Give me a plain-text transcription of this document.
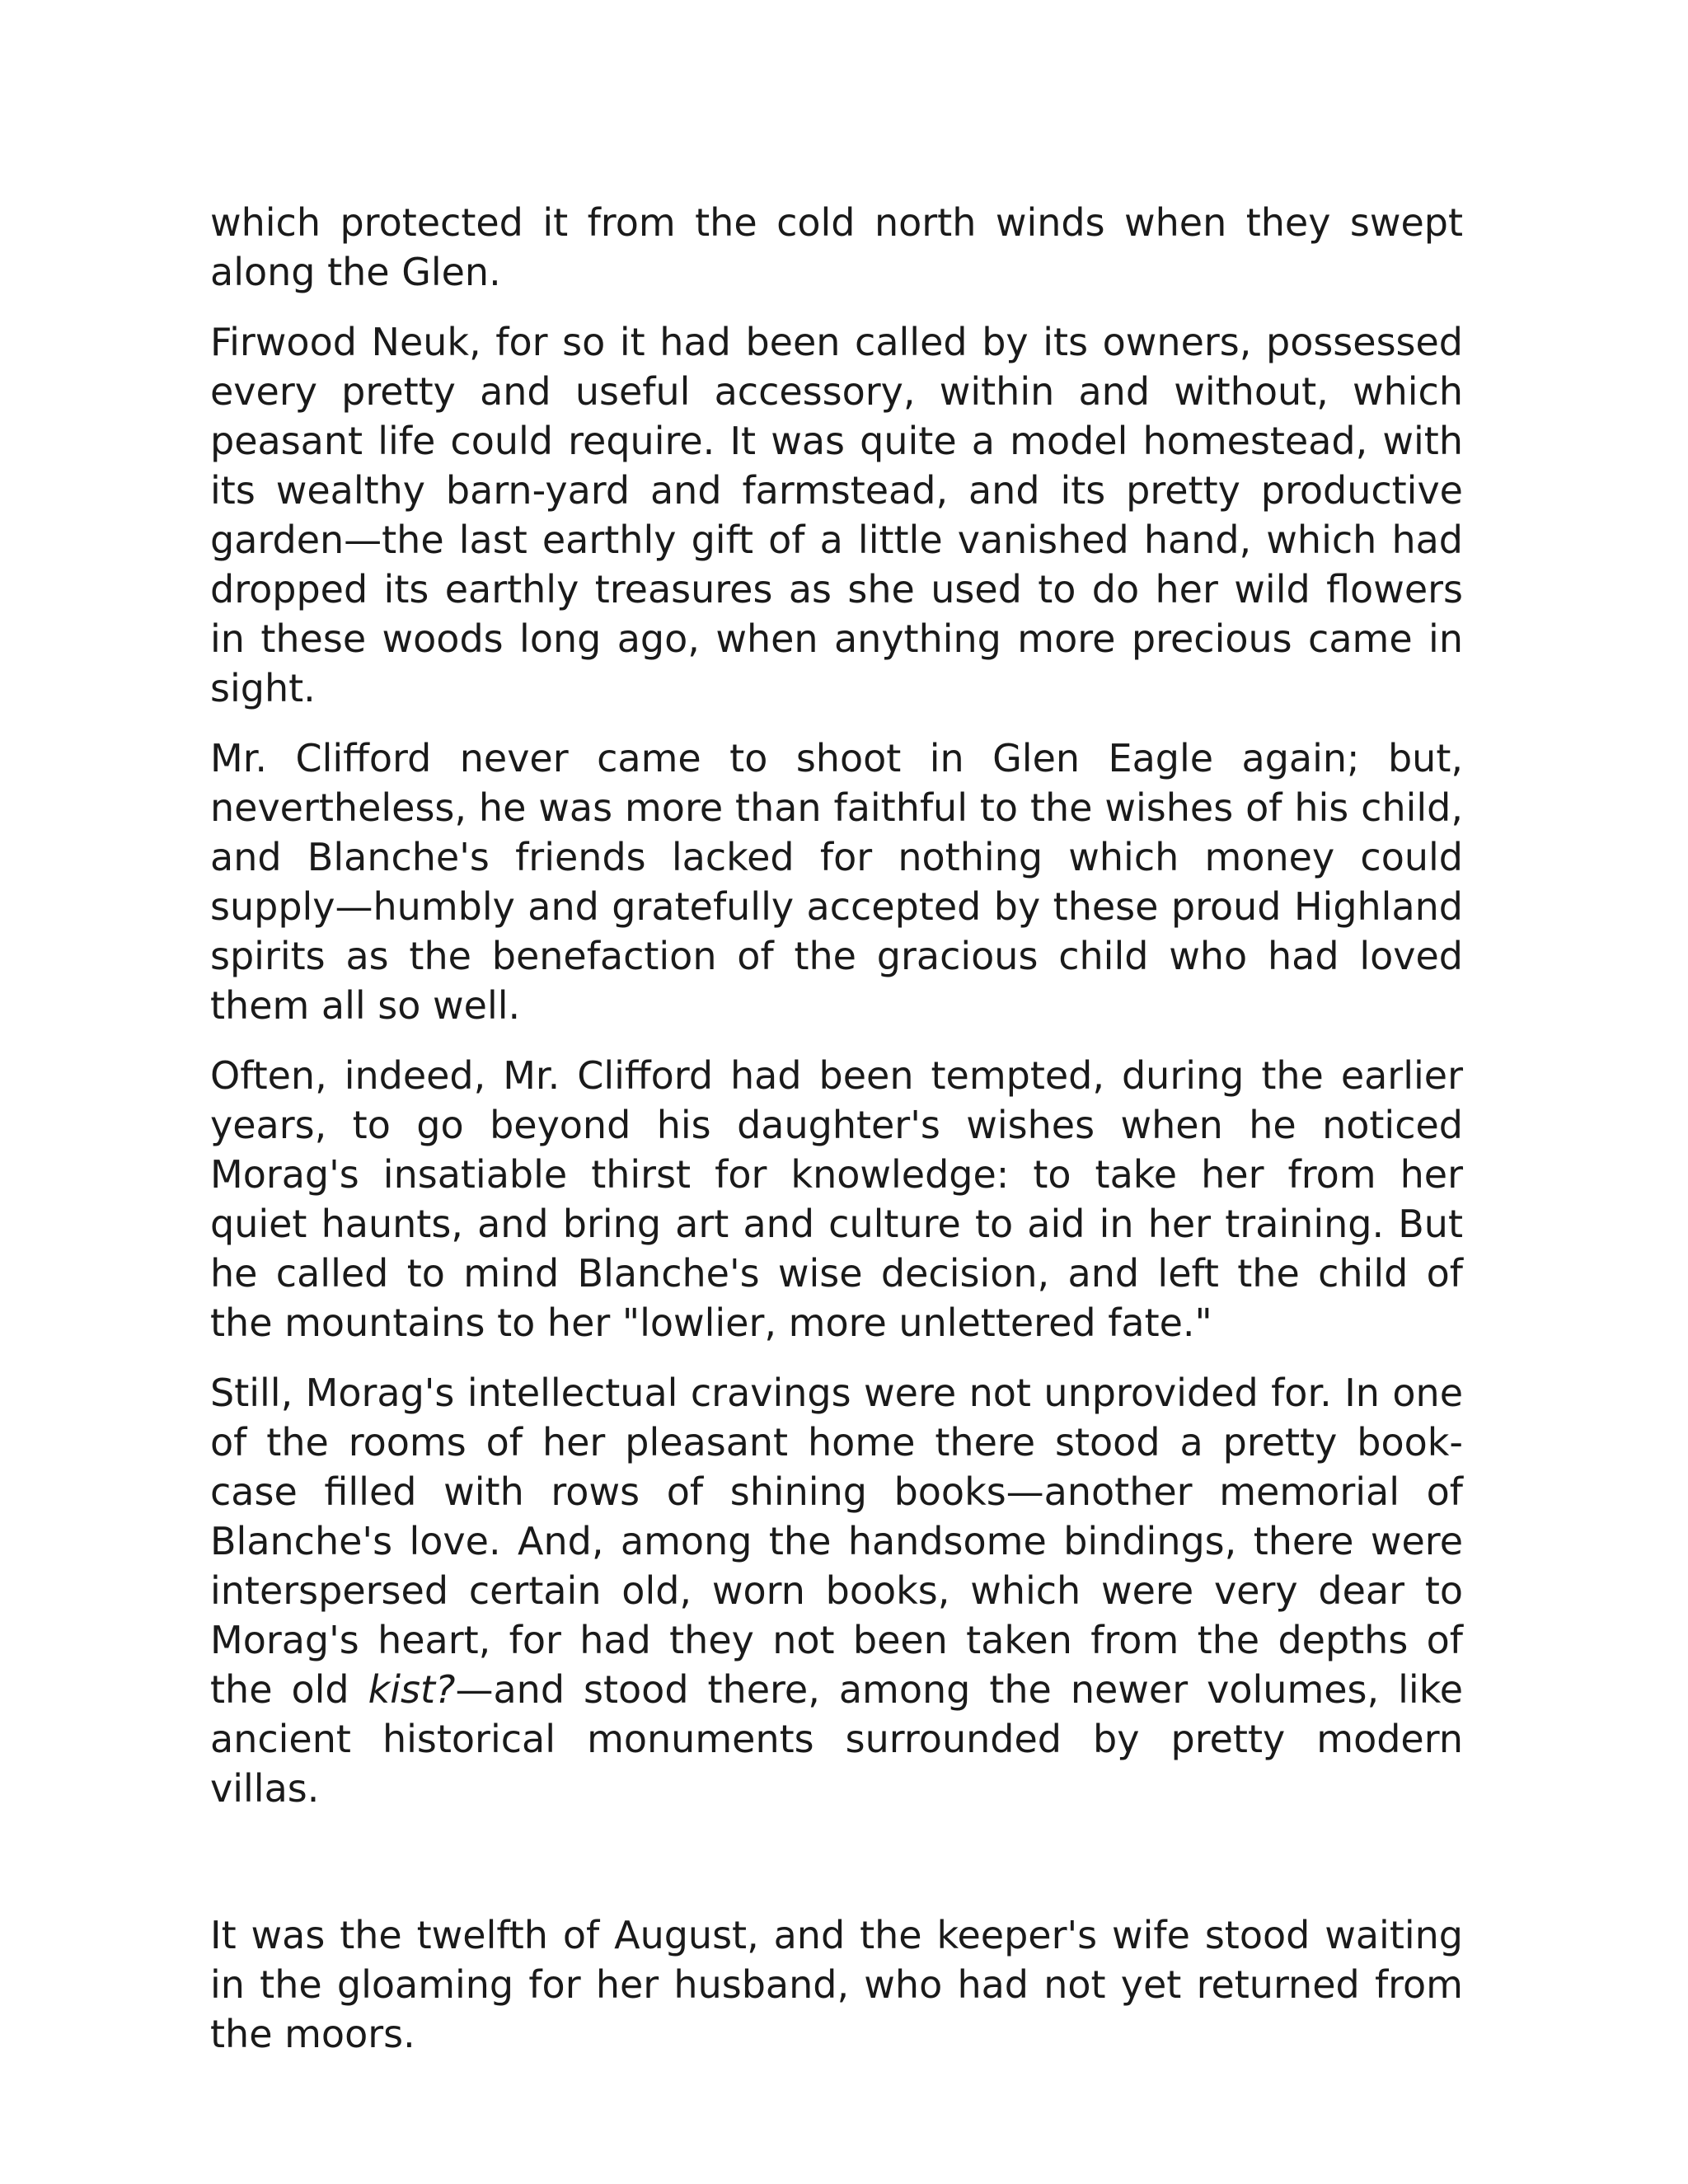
which protected it from the cold north winds when they swept along the Glen.

Firwood Neuk, for so it had been called by its owners, possessed every pretty and useful accessory, within and without, which peasant life could require. It was quite a model homestead, with its wealthy barn-yard and farmstead, and its pretty productive garden—the last earthly gift of a little vanished hand, which had dropped its earthly treasures as she used to do her wild flowers in these woods long ago, when anything more precious came in sight.

Mr. Clifford never came to shoot in Glen Eagle again; but, nevertheless, he was more than faithful to the wishes of his child, and Blanche's friends lacked for nothing which money could supply—humbly and gratefully accepted by these proud Highland spirits as the benefaction of the gracious child who had loved them all so well.

Often, indeed, Mr. Clifford had been tempted, during the earlier years, to go beyond his daughter's wishes when he noticed Morag's insatiable thirst for knowledge: to take her from her quiet haunts, and bring art and culture to aid in her training. But he called to mind Blanche's wise decision, and left the child of the mountains to her "lowlier, more unlettered fate."

Still, Morag's intellectual cravings were not unprovided for. In one of the rooms of her pleasant home there stood a pretty book-case filled with rows of shining books—another memorial of Blanche's love. And, among the handsome bindings, there were interspersed certain old, worn books, which were very dear to Morag's heart, for had they not been taken from the depths of the old kist?—and stood there, among the newer volumes, like ancient historical monuments surrounded by pretty modern villas.

It was the twelfth of August, and the keeper's wife stood waiting in the gloaming for her husband, who had not yet returned from the moors.
